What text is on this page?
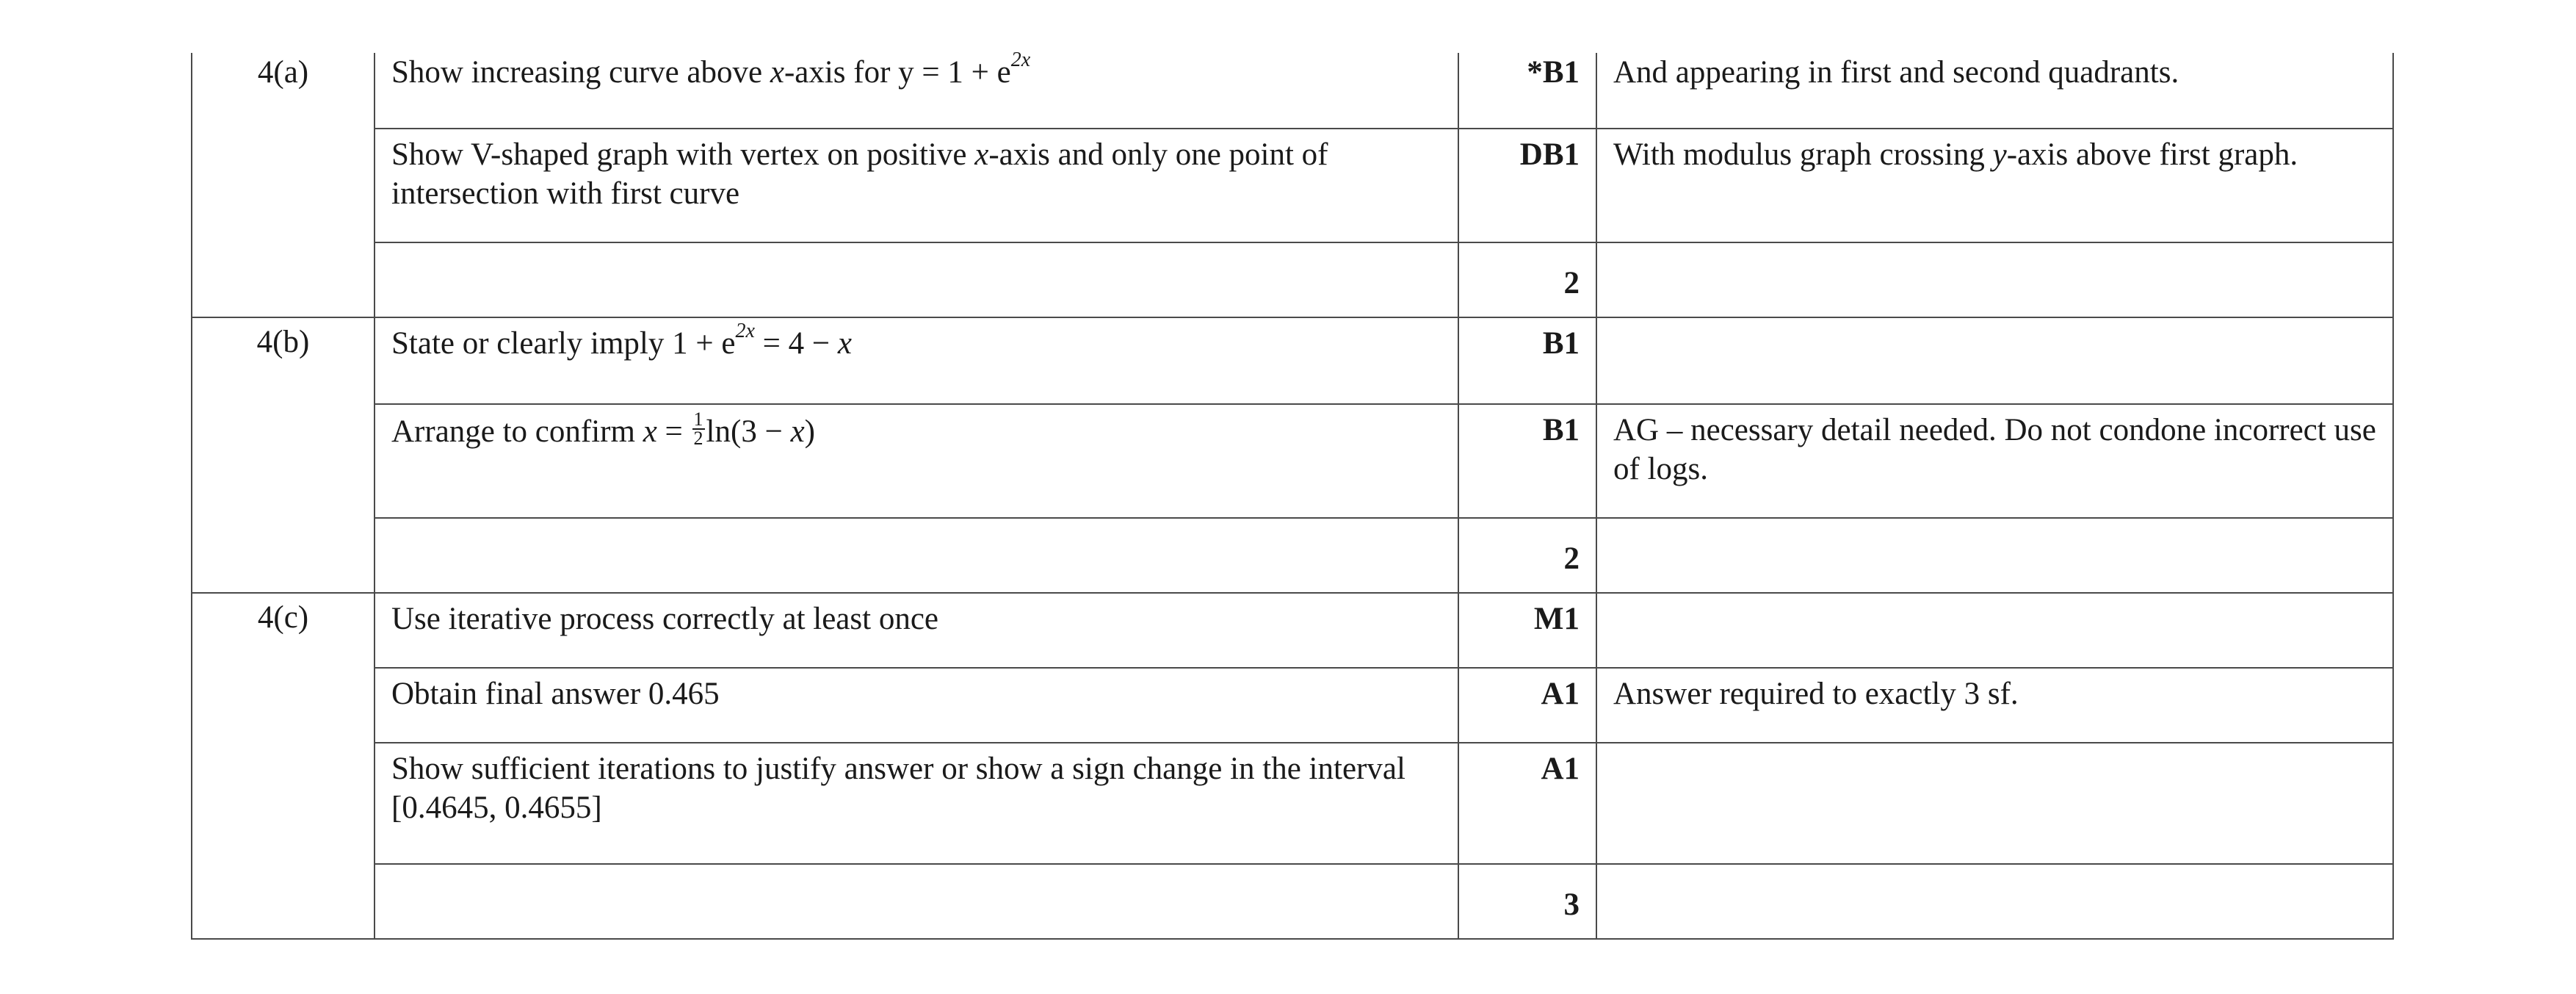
4(a)	Show increasing curve above x-axis for $y = 1 + e^{2x}$	*B1	And appearing in first and second quadrants.
	Show V-shaped graph with vertex on positive x-axis and only one point of intersection with first curve	DB1	With modulus graph crossing y-axis above first graph.
		2	
4(b)	State or clearly imply $1 + e^{2x} = 4 - x$	B1	
	Arrange to confirm $x = \frac{1}{2} \ln(3 - x)$	B1	AG – necessary detail needed. Do not condone incorrect use of logs.
		2	
4(c)	Use iterative process correctly at least once	M1	
	Obtain final answer 0.465	A1	Answer required to exactly 3 sf.
	Show sufficient iterations to justify answer or show a sign change in the interval [0.4645, 0.4655]	A1	
		3	
